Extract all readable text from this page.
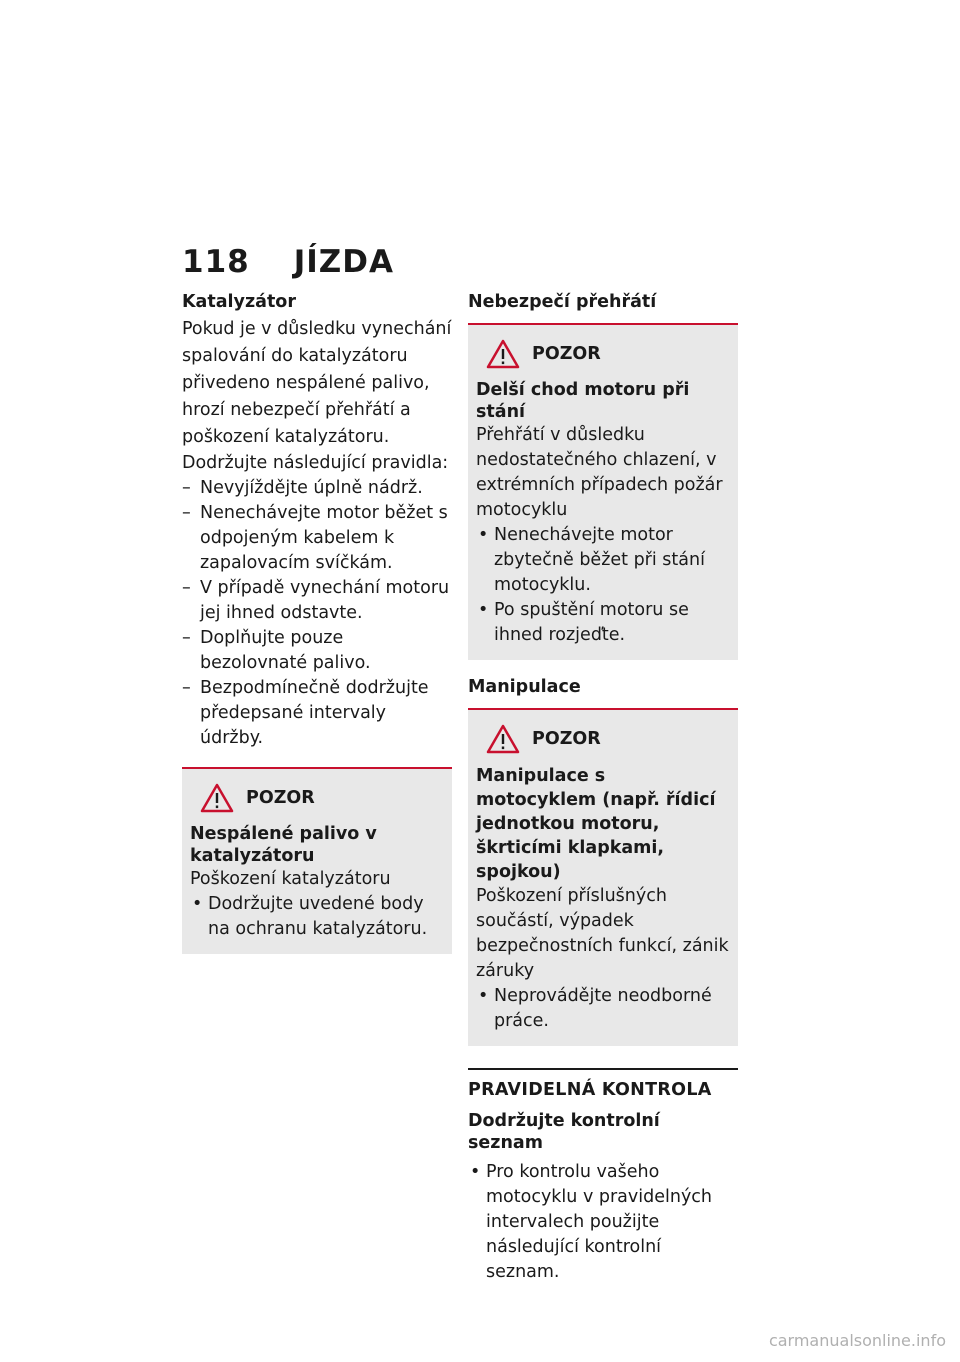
118 JÍZDA
Katalyzátor

Pokud je v důsledku vynechání spalování do katalyzátoru přivedeno nespálené palivo, hrozí nebezpečí přehřátí a poškození katalyzátoru.

Dodržujte následující pravidla:

– Nevyjíždějte úplně nádrž.
– Nenechávejte motor běžet s odpojeným kabelem k zapalovacím svíčkám.
– V případě vynechání motoru jej ihned odstavte.
– Doplňujte pouze bezolovnaté palivo.
– Bezpodmínečně dodržujte předepsané intervaly údržby.
POZOR
Nespálené palivo v katalyzátoru

Poškození katalyzátoru

• Dodržujte uvedené body na ochranu katalyzátoru.
Nebezpečí přehřátí
POZOR
Delší chod motoru při stání

Přehřátí v důsledku nedostatečného chlazení, v extrémních případech požár motocyklu

• Nenechávejte motor zbytečně běžet při stání motocyklu.
• Po spuštění motoru se ihned rozjeďte.
Manipulace
POZOR
Manipulace s motocyklem (např. řídicí jednotkou motoru, škrticími klapkami, spojkou)

Poškození příslušných součástí, výpadek bezpečnostních funkcí, zánik záruky

• Neprovádějte neodborné práce.
PRAVIDELNÁ KONTROLA
Dodržujte kontrolní seznam
• Pro kontrolu vašeho motocyklu v pravidelných intervalech použijte následující kontrolní seznam.
carmanualsonline.info
